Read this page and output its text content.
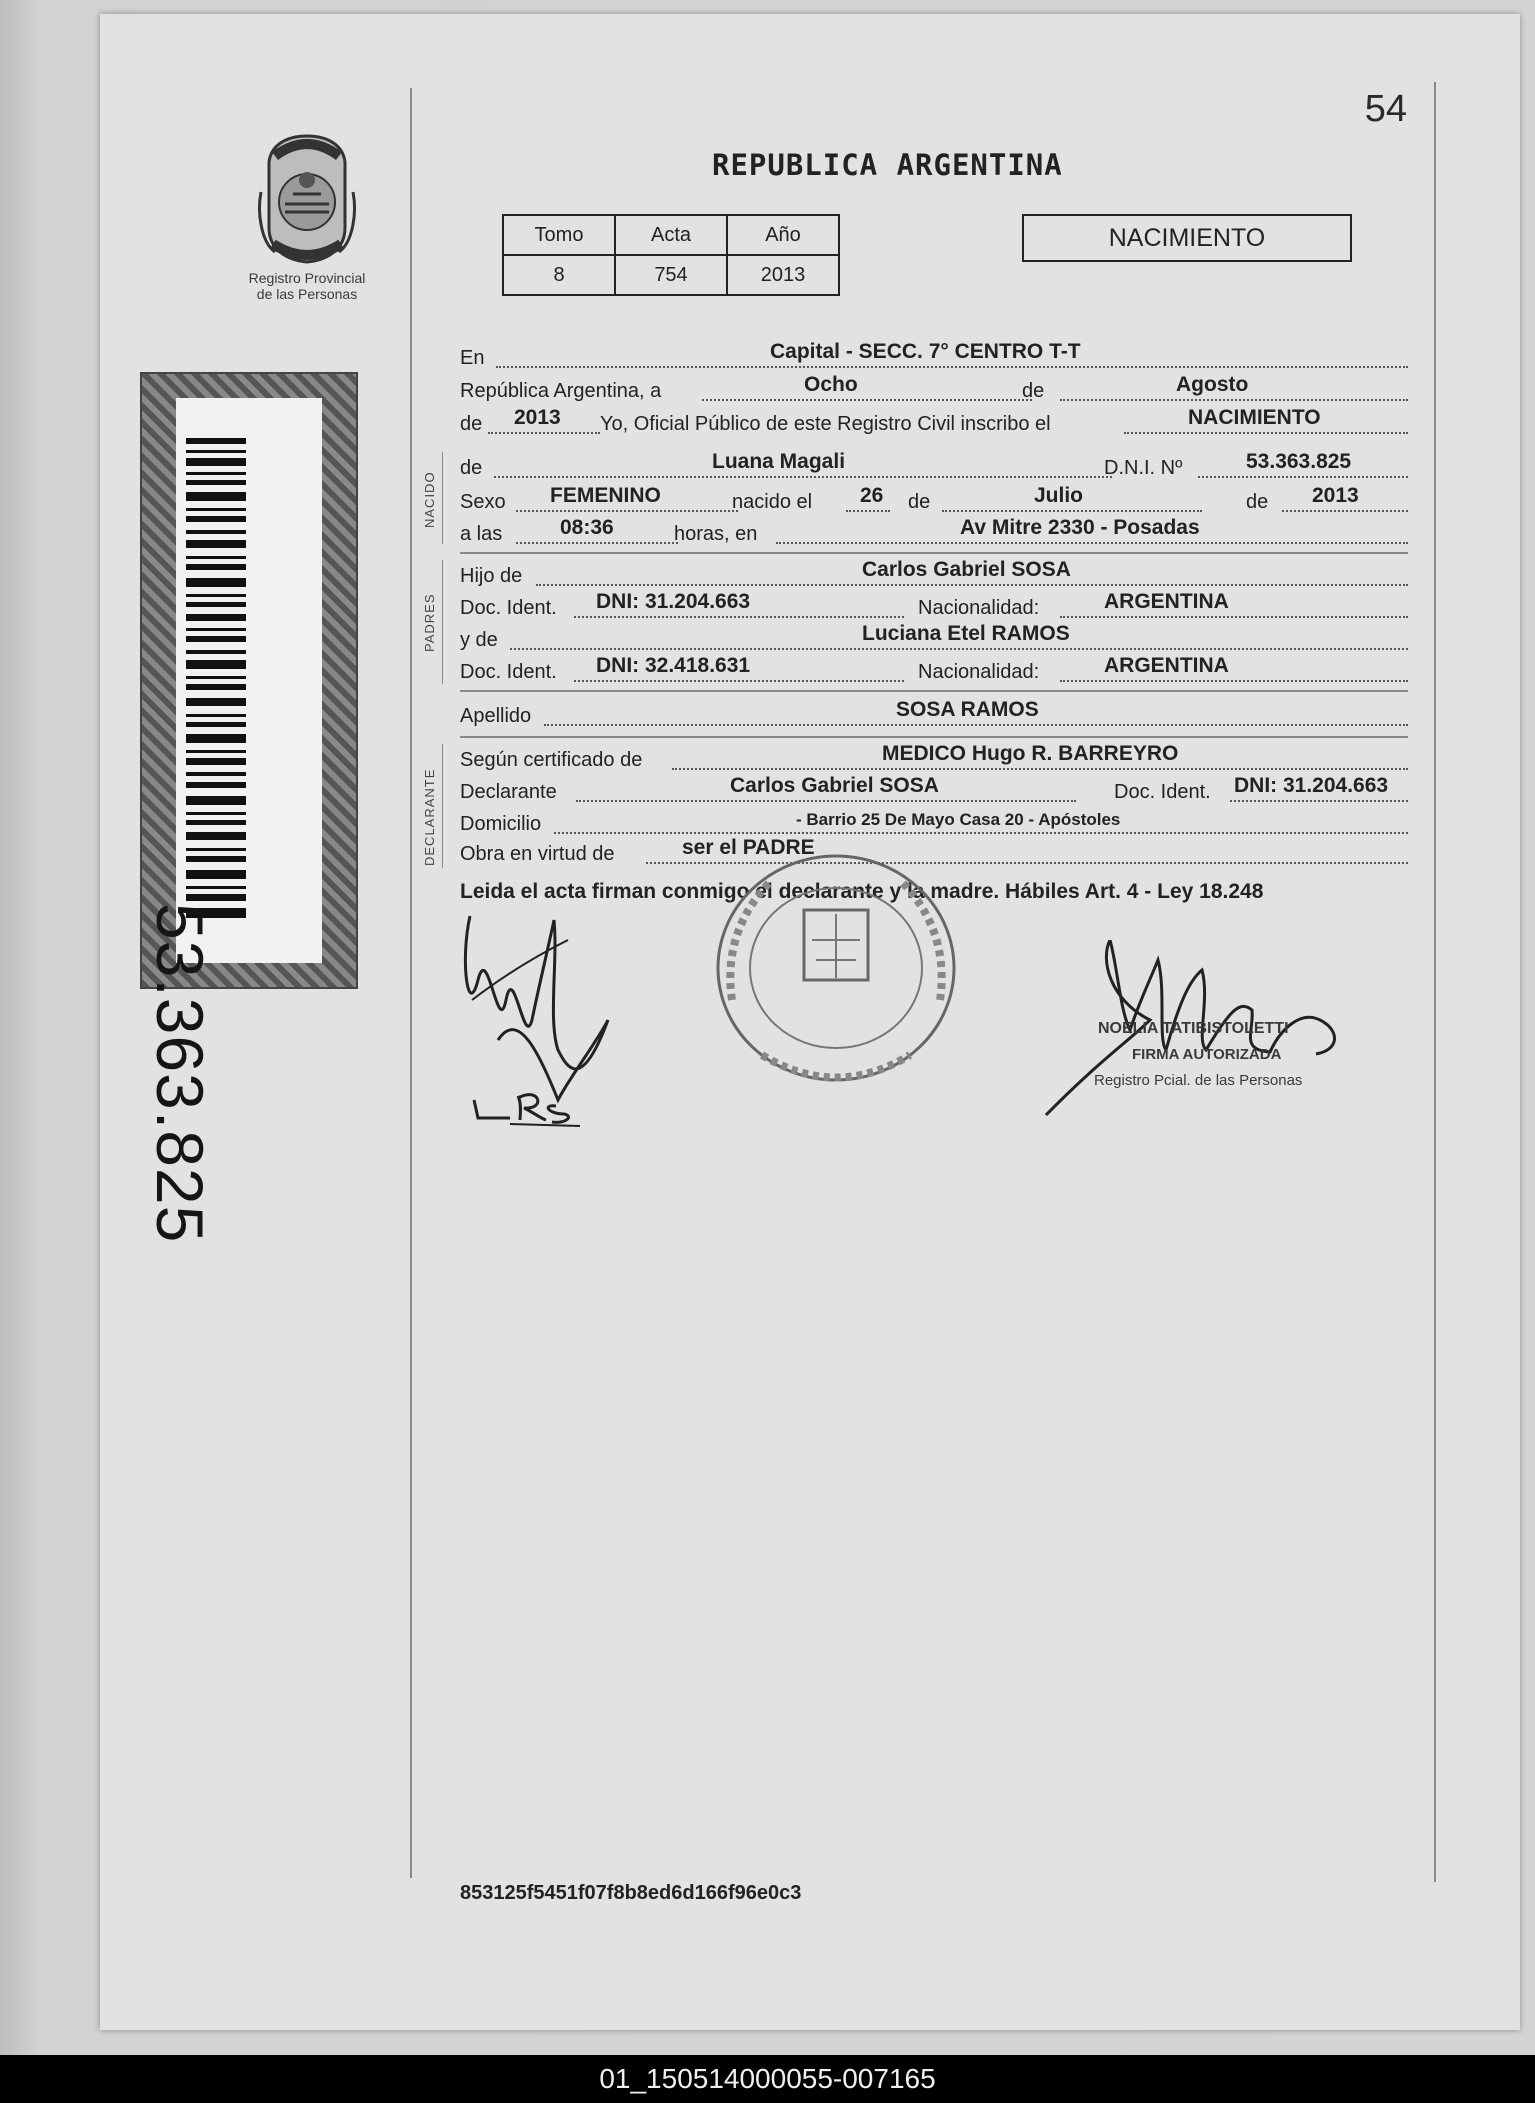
54
Registro Provincial
de las Personas
53.363.825
REPUBLICA ARGENTINA
Tomo	Acta	Año
8	754	2013
NACIMIENTO
En	Capital - SECC. 7° CENTRO T-T
República Argentina, a	Ocho	de	Agosto
de 2013 Yo, Oficial Público de este Registro Civil inscribo el	NACIMIENTO
NACIDO
de	Luana Magali	D.N.I. Nº	53.363.825
Sexo FEMENINO	nacido el 26 de	Julio	de 2013
a las	08:36	horas, en	Av Mitre 2330 - Posadas
PADRES
Hijo de	Carlos Gabriel SOSA
Doc. Ident. DNI: 31.204.663	Nacionalidad:	ARGENTINA
y de	Luciana Etel RAMOS
Doc. Ident. DNI: 32.418.631	Nacionalidad:	ARGENTINA
Apellido	SOSA RAMOS
DECLARANTE
Según certificado de	MEDICO Hugo R. BARREYRO
Declarante	Carlos Gabriel SOSA	Doc. Ident. DNI: 31.204.663
Domicilio	- Barrio 25 De Mayo Casa 20 - Apóstoles
Obra en virtud de	ser el PADRE
Leida el acta firman conmigo el declarante y la madre. Hábiles Art. 4 - Ley 18.248
NOELIA TATIBISTOLETTI
FIRMA AUTORIZADA
Registro Pcial. de las Personas
853125f5451f07f8b8ed6d166f96e0c3
01_150514000055-007165
